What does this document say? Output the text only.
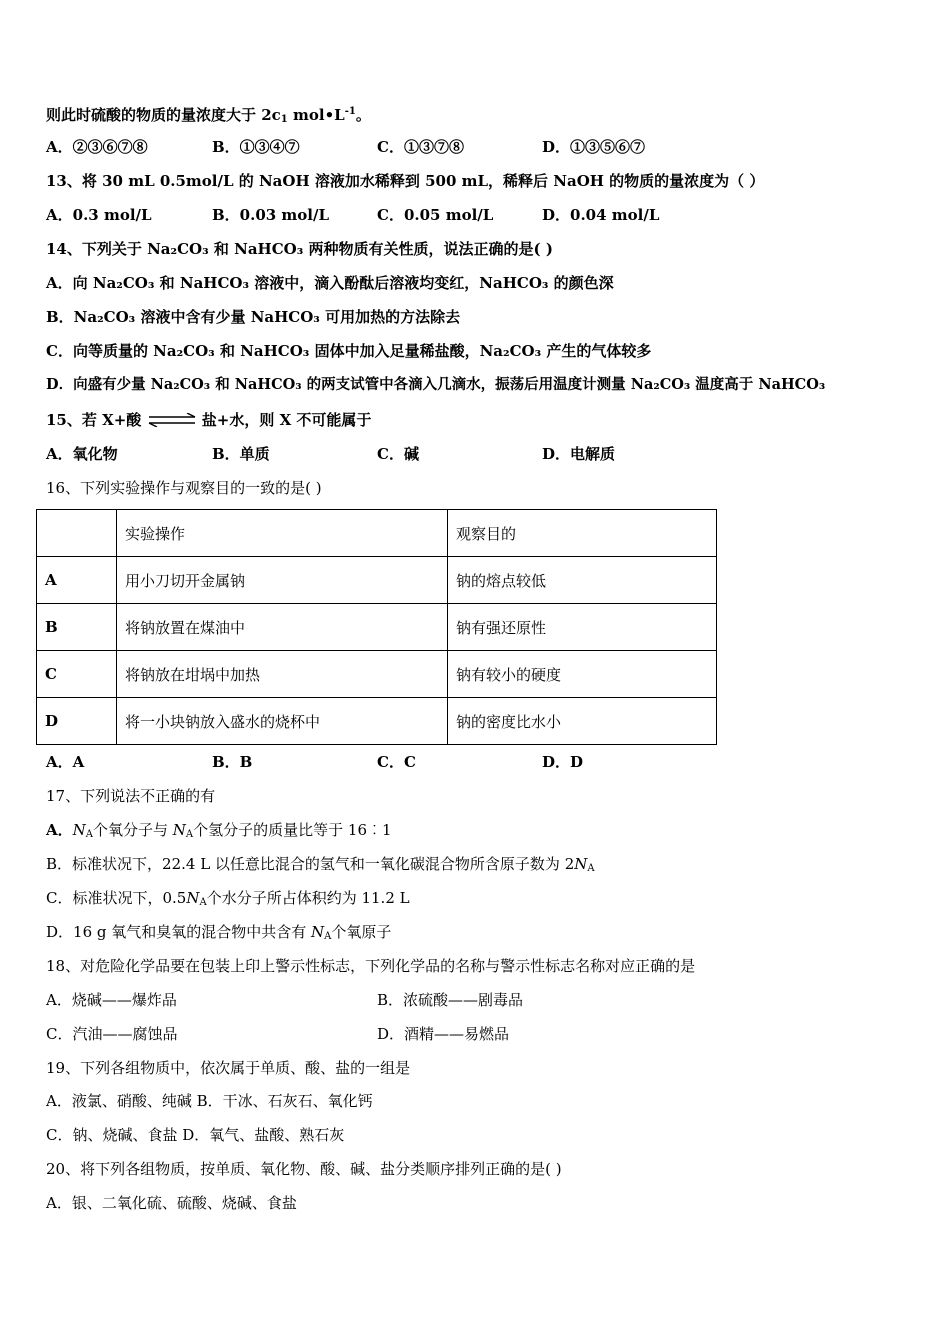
则此时硫酸的物质的量浓度大于 $2c_1$ $mol•L^{-1}$。
A．②③⑥⑦⑧	B．①③④⑦	C．①③⑦⑧	D．①③⑤⑥⑦
13、将 30 mL 0.5mol/L 的 NaOH 溶液加水稀释到 500 mL，稀释后 NaOH 的物质的量浓度为（ ）
A．0.3 mol/L	B．0.03 mol/L	C．0.05 mol/L	D．0.04 mol/L
14、下列关于 Na₂CO₃ 和 NaHCO₃ 两种物质有关性质，说法正确的是( )
A．向 Na₂CO₃ 和 NaHCO₃ 溶液中，滴入酚酞后溶液均变红，NaHCO₃ 的颜色深
B．Na₂CO₃ 溶液中含有少量 NaHCO₃ 可用加热的方法除去
C．向等质量的 Na₂CO₃ 和 NaHCO₃ 固体中加入足量稀盐酸，Na₂CO₃ 产生的气体较多
D．向盛有少量 Na₂CO₃ 和 NaHCO₃ 的两支试管中各滴入几滴水，振荡后用温度计测量 Na₂CO₃ 温度高于 NaHCO₃
15、若 X+酸 ⇌ 盐+水，则 X 不可能属于
A．氧化物	B．单质	C．碱	D．电解质
16、下列实验操作与观察目的一致的是( )
	实验操作	观察目的
A	用小刀切开金属钠	钠的熔点较低
B	将钠放置在煤油中	钠有强还原性
C	将钠放在坩埚中加热	钠有较小的硬度
D	将一小块钠放入盛水的烧杯中	钠的密度比水小
A．A	B．B	C．C	D．D
17、下列说法不正确的有
A．$N_A$个氧分子与 $N_A$个氢分子的质量比等于 16︰1
B．标准状况下，22.4 L 以任意比混合的氢气和一氧化碳混合物所含原子数为 $2N_A$
C．标准状况下，$0.5N_A$个水分子所占体积约为 11.2 L
D．16 g 氧气和臭氧的混合物中共含有 $N_A$个氧原子
18、对危险化学品要在包装上印上警示性标志，下列化学品的名称与警示性标志名称对应正确的是
A．烧碱——爆炸品	B．浓硫酸——剧毒品
C．汽油——腐蚀品	D．酒精——易燃品
19、下列各组物质中，依次属于单质、酸、盐的一组是
A．液氯、硝酸、纯碱 B．干冰、石灰石、氧化钙
C．钠、烧碱、食盐 D．氧气、盐酸、熟石灰
20、将下列各组物质，按单质、氧化物、酸、碱、盐分类顺序排列正确的是( )
A．银、二氧化硫、硫酸、烧碱、食盐
